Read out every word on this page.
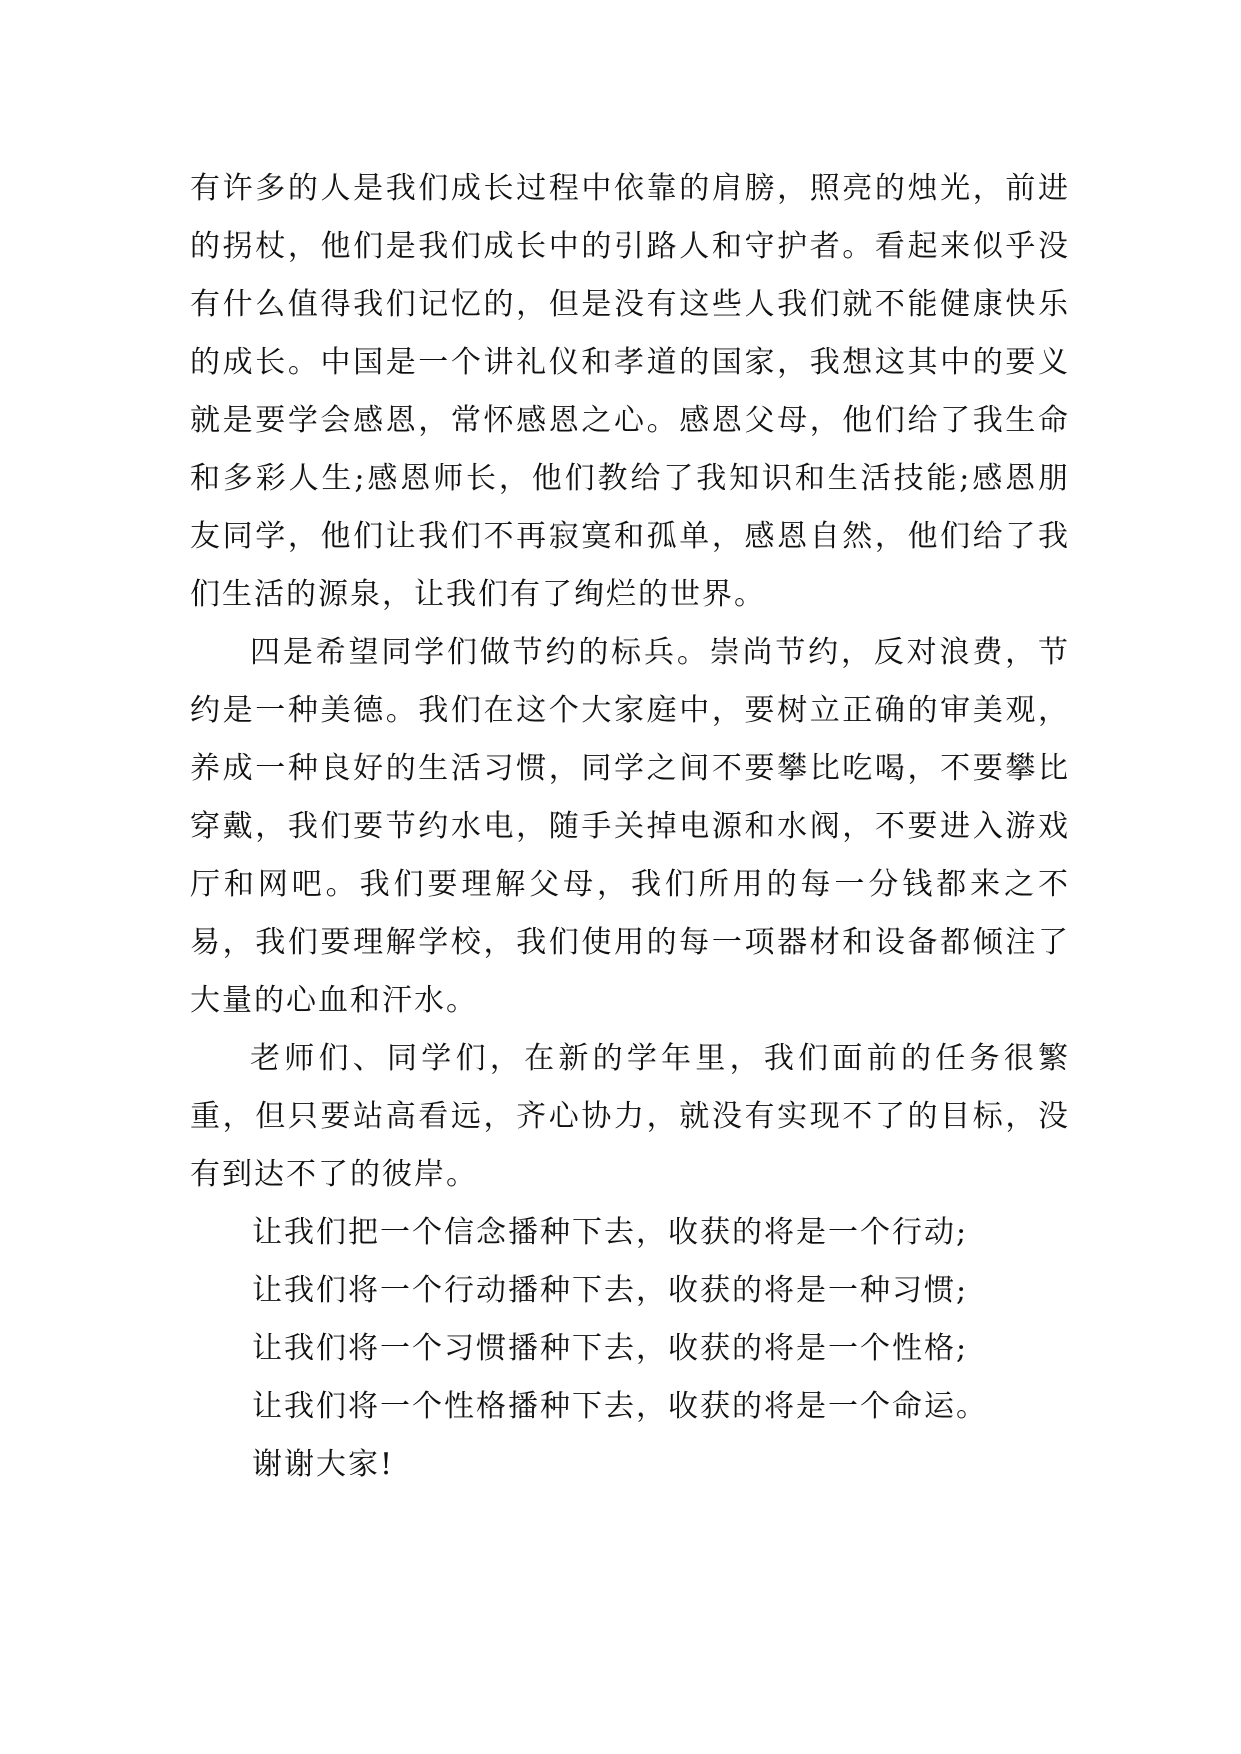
有许多的人是我们成长过程中依靠的肩膀，照亮的烛光，前进的拐杖，他们是我们成长中的引路人和守护者。看起来似乎没有什么值得我们记忆的，但是没有这些人我们就不能健康快乐的成长。中国是一个讲礼仪和孝道的国家，我想这其中的要义就是要学会感恩，常怀感恩之心。感恩父母，他们给了我生命和多彩人生;感恩师长，他们教给了我知识和生活技能;感恩朋友同学，他们让我们不再寂寞和孤单，感恩自然，他们给了我们生活的源泉，让我们有了绚烂的世界。

四是希望同学们做节约的标兵。崇尚节约，反对浪费，节约是一种美德。我们在这个大家庭中，要树立正确的审美观，养成一种良好的生活习惯，同学之间不要攀比吃喝，不要攀比穿戴，我们要节约水电，随手关掉电源和水阀，不要进入游戏厅和网吧。我们要理解父母，我们所用的每一分钱都来之不易，我们要理解学校，我们使用的每一项器材和设备都倾注了大量的心血和汗水。

老师们、同学们，在新的学年里，我们面前的任务很繁重，但只要站高看远，齐心协力，就没有实现不了的目标，没有到达不了的彼岸。

让我们把一个信念播种下去，收获的将是一个行动;

让我们将一个行动播种下去，收获的将是一种习惯;

让我们将一个习惯播种下去，收获的将是一个性格;

让我们将一个性格播种下去，收获的将是一个命运。

谢谢大家!
